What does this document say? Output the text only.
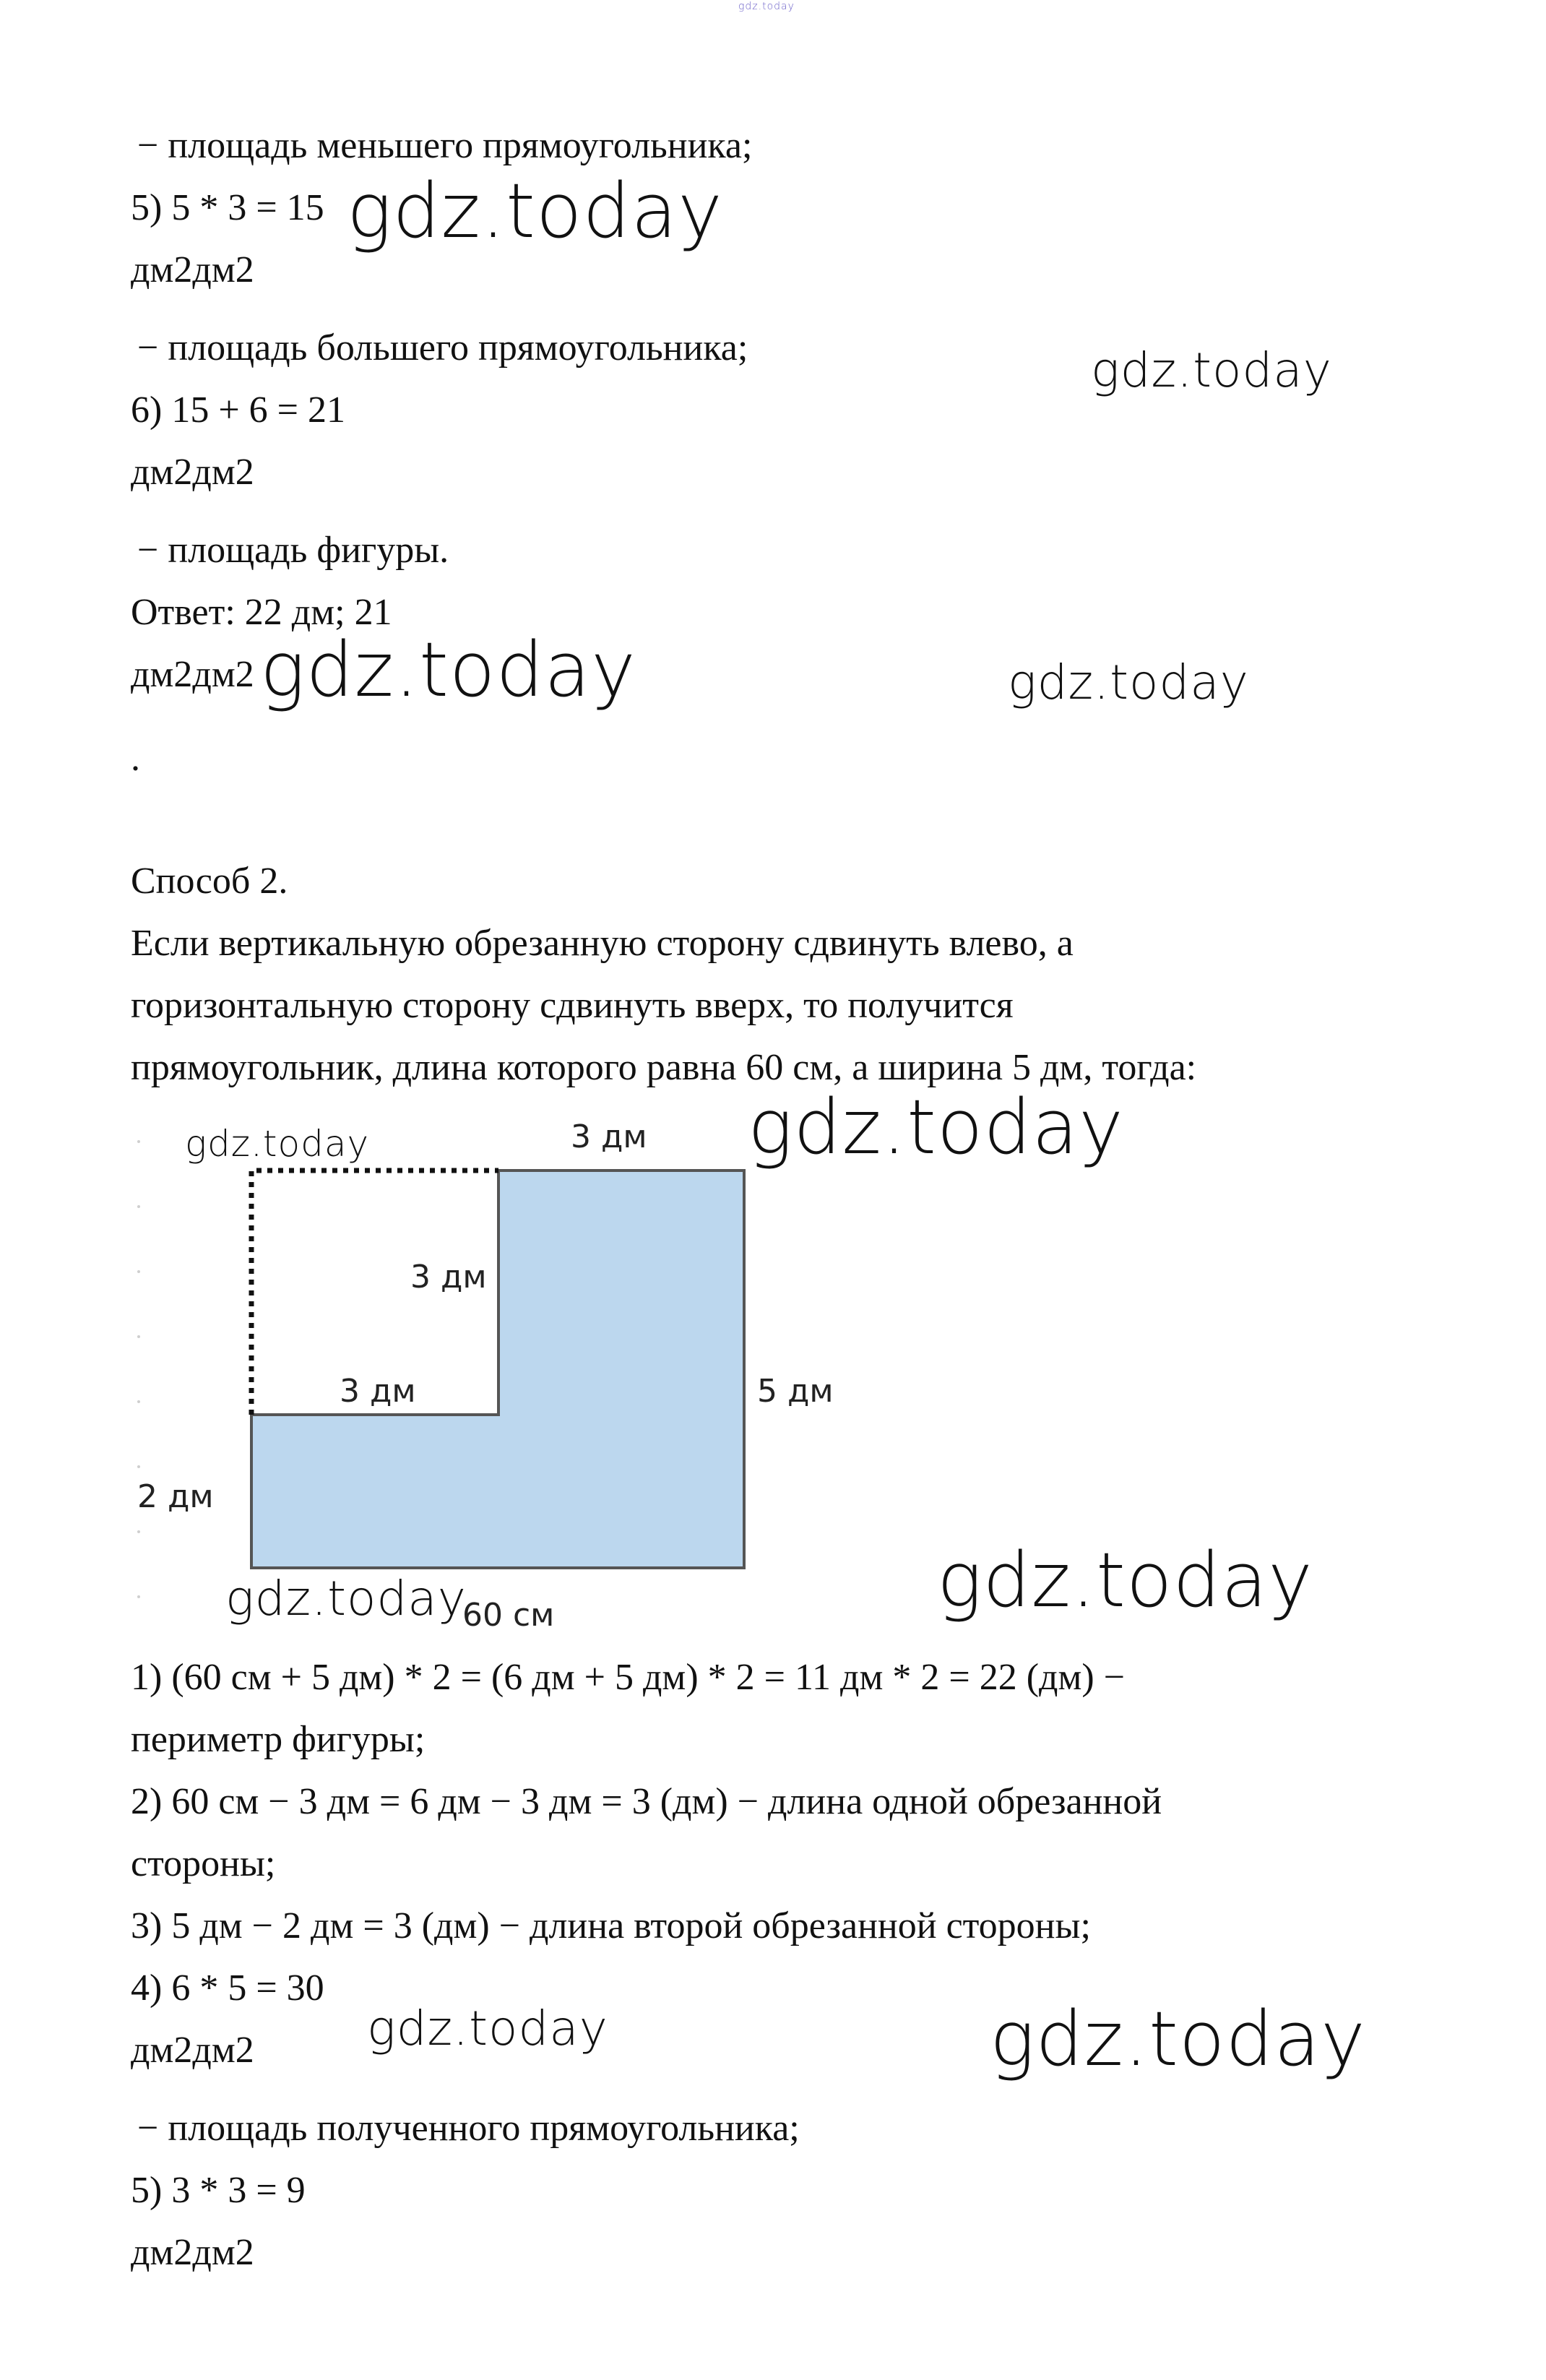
gdz.today

− площадь меньшего прямоугольника;

5) 5 * 3 = 15

дм2дм2

− площадь большего прямоугольника;

6) 15 + 6 = 21

дм2дм2

− площадь фигуры.

Ответ: 22 дм; 21

дм2дм2

.

Способ 2.

Если вертикальную обрезанную сторону сдвинуть влево, а

горизонтальную сторону сдвинуть вверх, то получится

прямоугольник, длина которого равна 60 см, а ширина 5 дм, тогда:

3 дм
3 дм
3 дм	5 дм
2 дм
60 см

1) (60 см + 5 дм) * 2 = (6 дм + 5 дм) * 2 = 11 дм * 2 = 22 (дм) −

периметр фигуры;

2) 60 см − 3 дм = 6 дм − 3 дм = 3 (дм) − длина одной обрезанной

стороны;

3) 5 дм − 2 дм = 3 (дм) − длина второй обрезанной стороны;

4) 6 * 5 = 30

дм2дм2

− площадь полученного прямоугольника;

5) 3 * 3 = 9

дм2дм2

gdz.today
gdz.today
gdz.today	gdz.today
gdz.today	gdz.today
gdz.today	gdz.today
gdz.today	gdz.today
